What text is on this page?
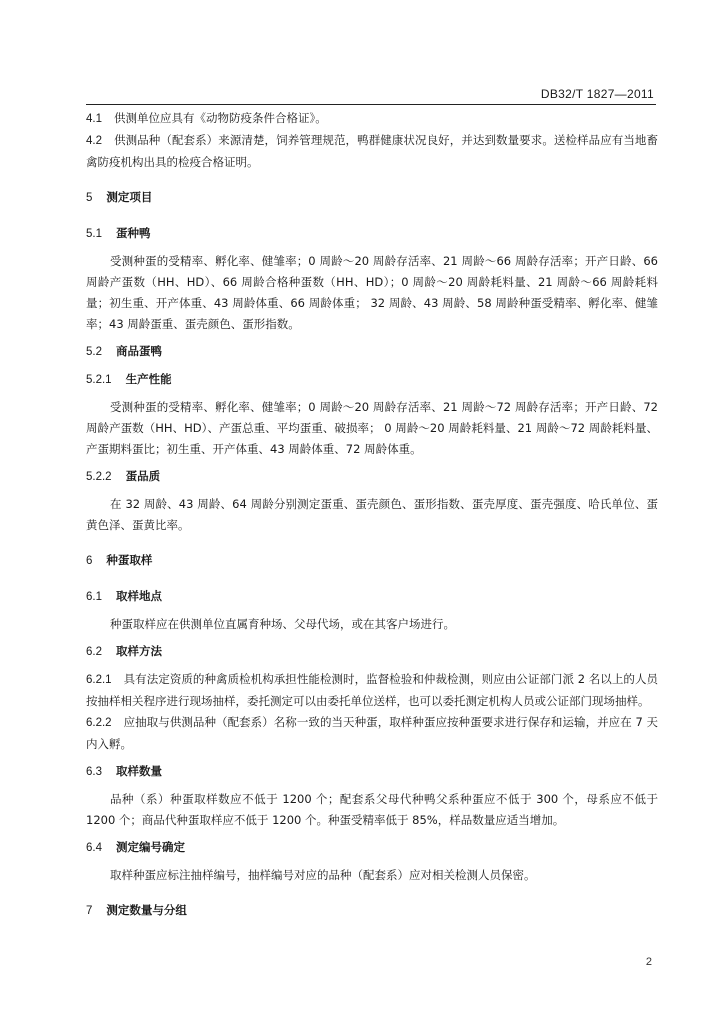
DB32/T 1827—2011

4.1 供测单位应具有《动物防疫条件合格证》。

4.2 供测品种（配套系）来源清楚，饲养管理规范，鸭群健康状况良好，并达到数量要求。送检样品应有当地畜禽防疫机构出具的检疫合格证明。

5 测定项目

5.1 蛋种鸭

受测种蛋的受精率、孵化率、健雏率；0 周龄～20 周龄存活率、21 周龄～66 周龄存活率；开产日龄、66 周龄产蛋数（HH、HD）、66 周龄合格种蛋数（HH、HD）；0 周龄～20 周龄耗料量、21 周龄～66 周龄耗料量；初生重、开产体重、43 周龄体重、66 周龄体重； 32 周龄、43 周龄、58 周龄种蛋受精率、孵化率、健雏率；43 周龄蛋重、蛋壳颜色、蛋形指数。

5.2 商品蛋鸭

5.2.1 生产性能

受测种蛋的受精率、孵化率、健雏率；0 周龄～20 周龄存活率、21 周龄～72 周龄存活率；开产日龄、72 周龄产蛋数（HH、HD）、产蛋总重、平均蛋重、破损率； 0 周龄～20 周龄耗料量、21 周龄～72 周龄耗料量、产蛋期料蛋比；初生重、开产体重、43 周龄体重、72 周龄体重。

5.2.2 蛋品质

在 32 周龄、43 周龄、64 周龄分别测定蛋重、蛋壳颜色、蛋形指数、蛋壳厚度、蛋壳强度、哈氏单位、蛋黄色泽、蛋黄比率。

6 种蛋取样

6.1 取样地点

种蛋取样应在供测单位直属育种场、父母代场，或在其客户场进行。

6.2 取样方法

6.2.1 具有法定资质的种禽质检机构承担性能检测时，监督检验和仲裁检测，则应由公证部门派 2 名以上的人员按抽样相关程序进行现场抽样，委托测定可以由委托单位送样，也可以委托测定机构人员或公证部门现场抽样。

6.2.2 应抽取与供测品种（配套系）名称一致的当天种蛋，取样种蛋应按种蛋要求进行保存和运输，并应在 7 天内入孵。

6.3 取样数量

品种（系）种蛋取样数应不低于 1200 个；配套系父母代种鸭父系种蛋应不低于 300 个，母系应不低于 1200 个；商品代种蛋取样应不低于 1200 个。种蛋受精率低于 85%，样品数量应适当增加。

6.4 测定编号确定

取样种蛋应标注抽样编号，抽样编号对应的品种（配套系）应对相关检测人员保密。

7 测定数量与分组

2
